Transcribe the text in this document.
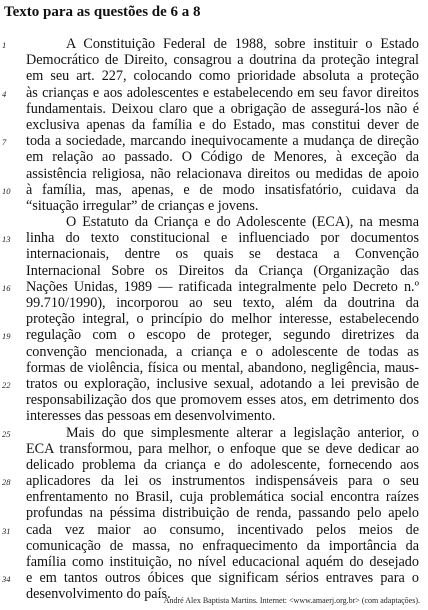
Texto para as questões de 6 a 8
1	A Constituição Federal de 1988, sobre instituir o Estado
Democrático de Direito, consagrou a doutrina da proteção integral
em seu art. 227, colocando como prioridade absoluta a proteção
4	às crianças e aos adolescentes e estabelecendo em seu favor direitos
fundamentais. Deixou claro que a obrigação de assegurá-los não é
exclusiva apenas da família e do Estado, mas constitui dever de
7	toda a sociedade, marcando inequivocamente a mudança de direção
em relação ao passado. O Código de Menores, à exceção da
assistência religiosa, não relacionava direitos ou medidas de apoio
10	à família, mas, apenas, e de modo insatisfatório, cuidava da
“situação irregular” de crianças e jovens.
O Estatuto da Criança e do Adolescente (ECA), na mesma
13	linha do texto constitucional e influenciado por documentos
internacionais, dentre os quais se destaca a Convenção
Internacional Sobre os Direitos da Criança (Organização das
16	Nações Unidas, 1989 — ratificada integralmente pelo Decreto n.º
99.710/1990), incorporou ao seu texto, além da doutrina da
proteção integral, o princípio do melhor interesse, estabelecendo
19	regulação com o escopo de proteger, segundo diretrizes da
convenção mencionada, a criança e o adolescente de todas as
formas de violência, física ou mental, abandono, negligência, maus-
22	tratos ou exploração, inclusive sexual, adotando a lei previsão de
responsabilização dos que promovem esses atos, em detrimento dos
interesses das pessoas em desenvolvimento.
25	Mais do que simplesmente alterar a legislação anterior, o
ECA transformou, para melhor, o enfoque que se deve dedicar ao
delicado problema da criança e do adolescente, fornecendo aos
28	aplicadores da lei os instrumentos indispensáveis para o seu
enfrentamento no Brasil, cuja problemática social encontra raízes
profundas na péssima distribuição de renda, passando pelo apelo
31	cada vez maior ao consumo, incentivado pelos meios de
comunicação de massa, no enfraquecimento da importância da
família como instituição, no nível educacional aquém do desejado
34	e em tantos outros óbices que significam sérios entraves para o
desenvolvimento do país.
André Alex Baptista Martins. Internet: <www.amaerj.org.br> (com adaptações).
